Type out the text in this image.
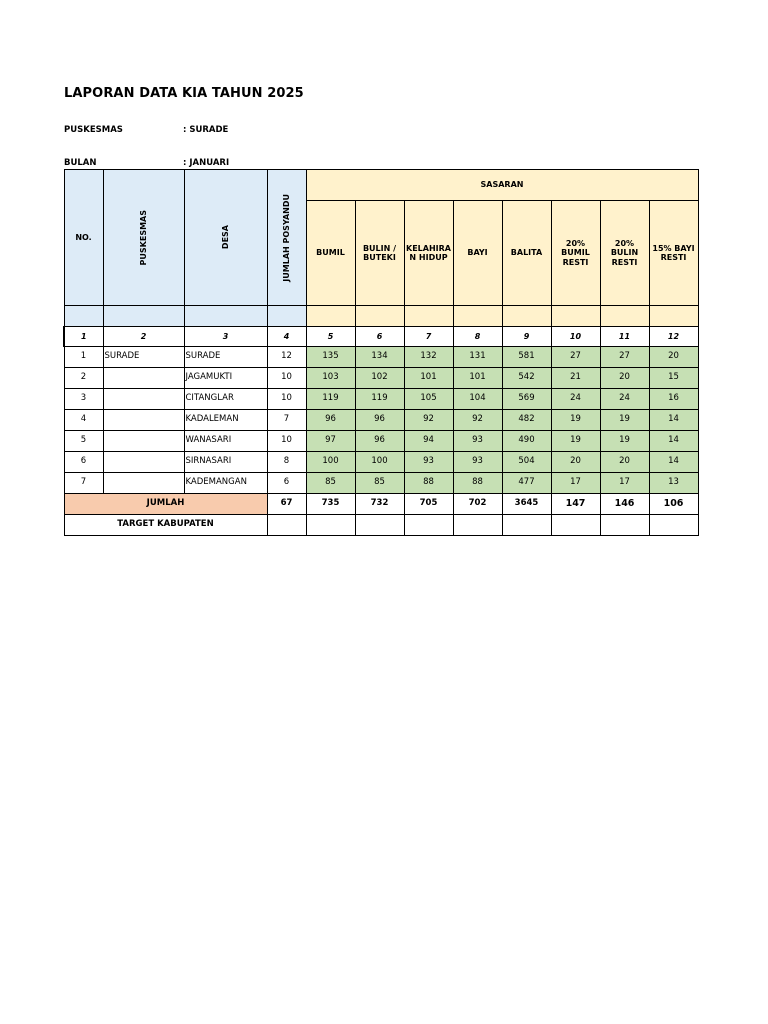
LAPORAN DATA KIA TAHUN 2025
PUSKESMAS	: SURADE
BULAN	: JANUARI
NO.	PUSKESMAS	DESA	JUMLAH POSYANDU	SASARAN							
				BUMIL	BULIN / BUTEKI	KELAHIRA N HIDUP	BAYI	BALITA	20% BUMIL RESTI	20% BULIN RESTI	15% BAYI RESTI

1	2	3	4	5	6	7	8	9	10	11	12
1	SURADE	SURADE	12	135	134	132	131	581	27	27	20
2		JAGAMUKTI	10	103	102	101	101	542	21	20	15
3		CITANGLAR	10	119	119	105	104	569	24	24	16
4		KADALEMAN	7	96	96	92	92	482	19	19	14
5		WANASARI	10	97	96	94	93	490	19	19	14
6		SIRNASARI	8	100	100	93	93	504	20	20	14
7		KADEMANGAN	6	85	85	88	88	477	17	17	13
JUMLAH			67	735	732	705	702	3645	147	146	106
TARGET KABUPATEN											
